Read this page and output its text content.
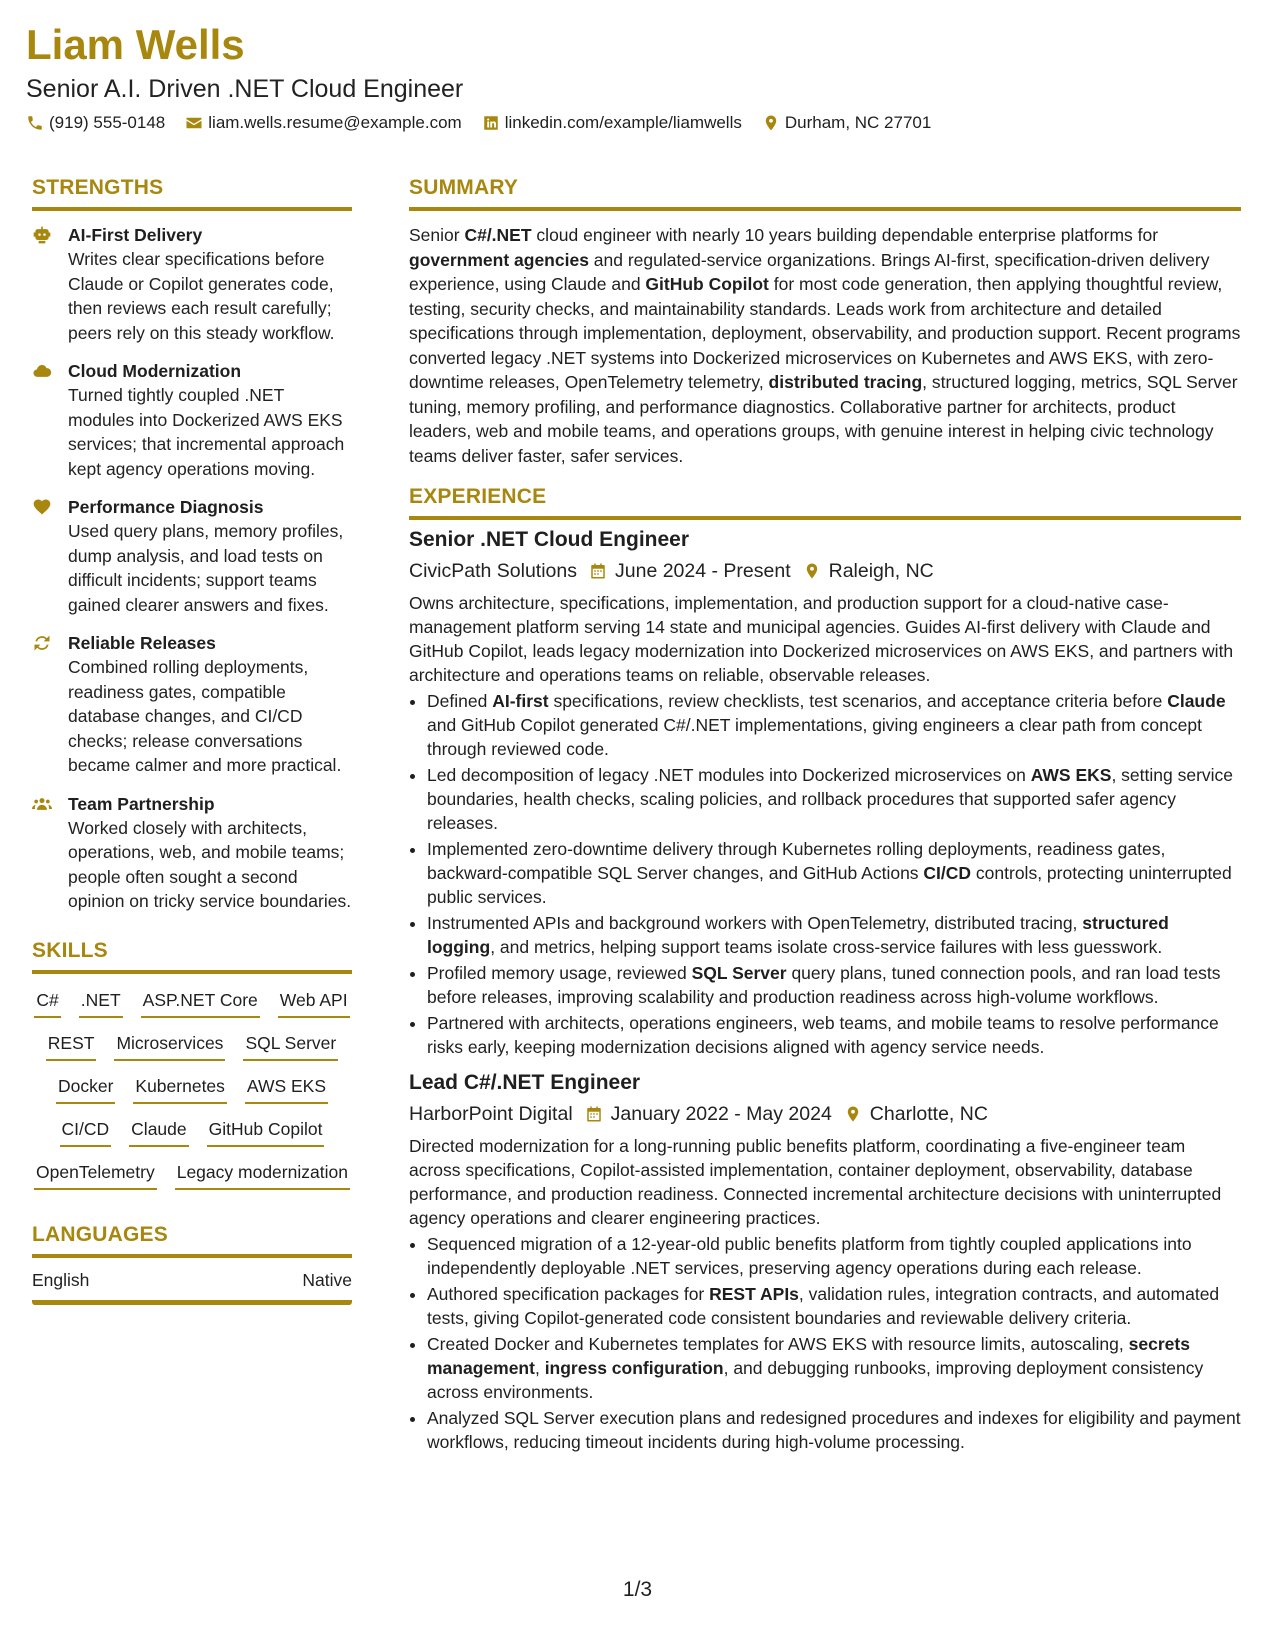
Liam Wells
Senior A.I. Driven .NET Cloud Engineer
(919) 555-0148	liam.wells.resume@example.com	linkedin.com/example/liamwells	Durham, NC 27701
STRENGTHS
AI-First Delivery
Writes clear specifications before Claude or Copilot generates code, then reviews each result carefully; peers rely on this steady workflow.
Cloud Modernization
Turned tightly coupled .NET modules into Dockerized AWS EKS services; that incremental approach kept agency operations moving.
Performance Diagnosis
Used query plans, memory profiles, dump analysis, and load tests on difficult incidents; support teams gained clearer answers and fixes.
Reliable Releases
Combined rolling deployments, readiness gates, compatible database changes, and CI/CD checks; release conversations became calmer and more practical.
Team Partnership
Worked closely with architects, operations, web, and mobile teams; people often sought a second opinion on tricky service boundaries.
SKILLS
C# .NET ASP.NET Core Web API
REST Microservices SQL Server
Docker Kubernetes AWS EKS
CI/CD Claude GitHub Copilot
OpenTelemetry Legacy modernization
LANGUAGES
English	Native
SUMMARY
Senior C#/.NET cloud engineer with nearly 10 years building dependable enterprise platforms for government agencies and regulated-service organizations. Brings AI-first, specification-driven delivery experience, using Claude and GitHub Copilot for most code generation, then applying thoughtful review, testing, security checks, and maintainability standards. Leads work from architecture and detailed specifications through implementation, deployment, observability, and production support. Recent programs converted legacy .NET systems into Dockerized microservices on Kubernetes and AWS EKS, with zero-downtime releases, OpenTelemetry telemetry, distributed tracing, structured logging, metrics, SQL Server tuning, memory profiling, and performance diagnostics. Collaborative partner for architects, product leaders, web and mobile teams, and operations groups, with genuine interest in helping civic technology teams deliver faster, safer services.
EXPERIENCE
Senior .NET Cloud Engineer
CivicPath Solutions June 2024 - Present Raleigh, NC
Owns architecture, specifications, implementation, and production support for a cloud-native case-management platform serving 14 state and municipal agencies. Guides AI-first delivery with Claude and GitHub Copilot, leads legacy modernization into Dockerized microservices on AWS EKS, and partners with architecture and operations teams on reliable, observable releases.
• Defined AI-first specifications, review checklists, test scenarios, and acceptance criteria before Claude and GitHub Copilot generated C#/.NET implementations, giving engineers a clear path from concept through reviewed code.
• Led decomposition of legacy .NET modules into Dockerized microservices on AWS EKS, setting service boundaries, health checks, scaling policies, and rollback procedures that supported safer agency releases.
• Implemented zero-downtime delivery through Kubernetes rolling deployments, readiness gates, backward-compatible SQL Server changes, and GitHub Actions CI/CD controls, protecting uninterrupted public services.
• Instrumented APIs and background workers with OpenTelemetry, distributed tracing, structured logging, and metrics, helping support teams isolate cross-service failures with less guesswork.
• Profiled memory usage, reviewed SQL Server query plans, tuned connection pools, and ran load tests before releases, improving scalability and production readiness across high-volume workflows.
• Partnered with architects, operations engineers, web teams, and mobile teams to resolve performance risks early, keeping modernization decisions aligned with agency service needs.
Lead C#/.NET Engineer
HarborPoint Digital January 2022 - May 2024 Charlotte, NC
Directed modernization for a long-running public benefits platform, coordinating a five-engineer team across specifications, Copilot-assisted implementation, container deployment, observability, database performance, and production readiness. Connected incremental architecture decisions with uninterrupted agency operations and clearer engineering practices.
• Sequenced migration of a 12-year-old public benefits platform from tightly coupled applications into independently deployable .NET services, preserving agency operations during each release.
• Authored specification packages for REST APIs, validation rules, integration contracts, and automated tests, giving Copilot-generated code consistent boundaries and reviewable delivery criteria.
• Created Docker and Kubernetes templates for AWS EKS with resource limits, autoscaling, secrets management, ingress configuration, and debugging runbooks, improving deployment consistency across environments.
• Analyzed SQL Server execution plans and redesigned procedures and indexes for eligibility and payment workflows, reducing timeout incidents during high-volume processing.
1/3
